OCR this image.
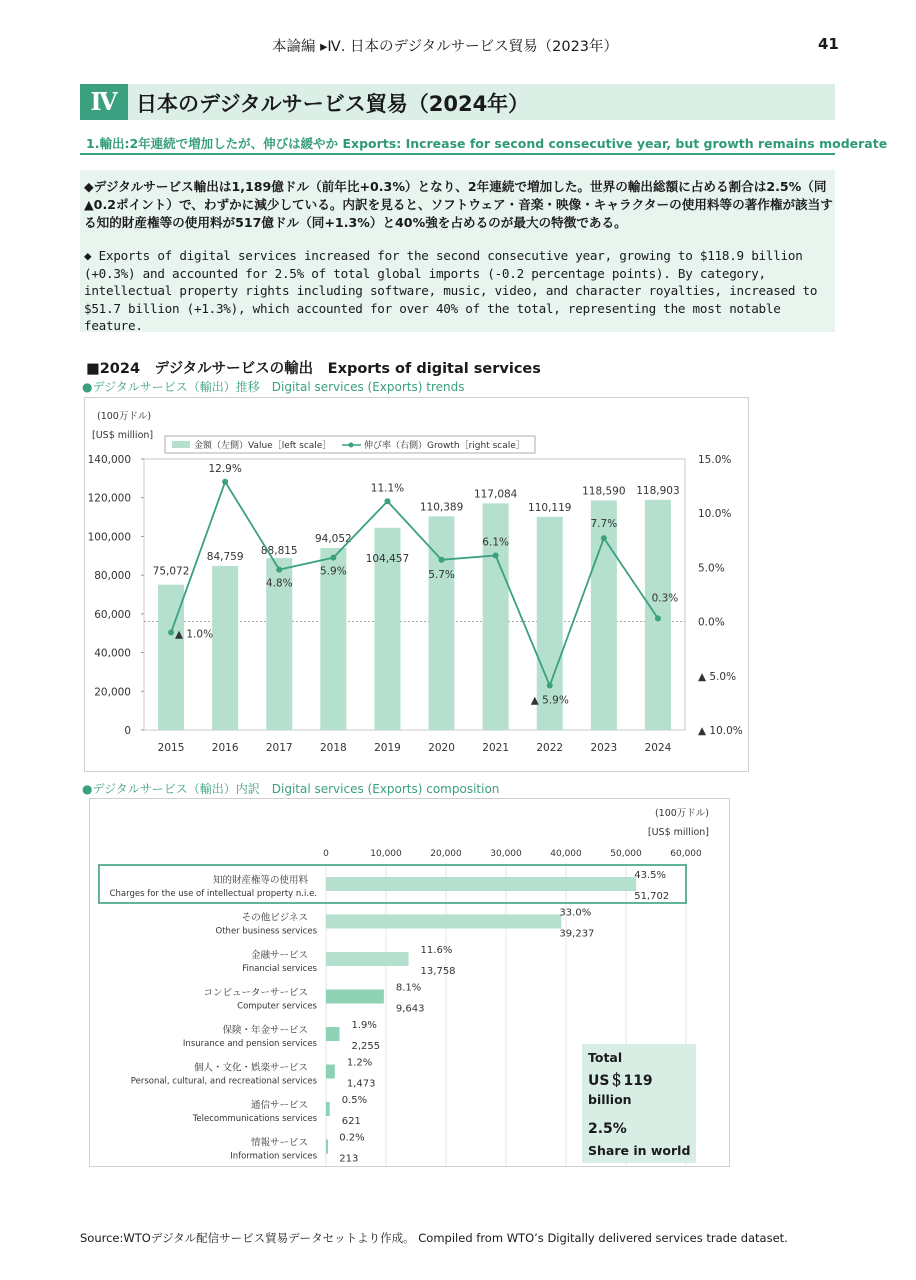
本論編 ▸Ⅳ. 日本のデジタルサービス貿易（2023年）	41
Ⅳ 日本のデジタルサービス貿易（2024年）
1.輸出:2年連続で増加したが、伸びは緩やか Exports: Increase for second consecutive year, but growth remains moderate
◆デジタルサービス輸出は1,189億ドル（前年比+0.3%）となり、2年連続で増加した。世界の輸出総額に占める割合は2.5%（同▲0.2ポイント）で、わずかに減少している。内訳を見ると、ソフトウェア・音楽・映像・キャラクターの使用料等の著作権が該当する知的財産権等の使用料が517億ドル（同+1.3%）と40%強を占めるのが最大の特徴である。
◆ Exports of digital services increased for the second consecutive year, growing to $118.9 billion (+0.3%) and accounted for 2.5% of total global imports (-0.2 percentage points). By category, intellectual property rights including software, music, video, and character royalties, increased to $51.7 billion (+1.3%), which accounted for over 40% of the total, representing the most notable feature.
■2024　デジタルサービスの輸出　Exports of digital services
●デジタルサービス（輸出）推移　Digital services (Exports) trends
(100万ドル)
[US$ million]
金額（左側）Value［left scale］	伸び率（右側）Growth［right scale］
0
20,000
40,000
60,000
80,000
100,000
120,000
140,000
▲ 10.0%
▲ 5.0%
0.0%
5.0%
10.0%
15.0%
75,072
2015
84,759
2016
88,815
2017
94,052
2018
104,457
2019
110,389
2020
117,084
2021
110,119
2022
118,590
2023
118,903
2024
▲ 1.0%
12.9%
4.8%
5.9%
11.1%
5.7%
6.1%
▲ 5.9%
7.7%
0.3%
●デジタルサービス（輸出）内訳　Digital services (Exports) composition
(100万ドル)
[US$ million]
0	10,000	20,000	30,000	40,000	50,000	60,000
知的財産権等の使用料
Charges for the use of intellectual property n.i.e.
43.5%
51,702
その他ビジネス
Other business services
33.0%
39,237
金融サービス
Financial services
11.6%
13,758
コンピューターサービス
Computer services
8.1%
9,643
保険・年金サービス
Insurance and pension services
1.9%
2,255
個人・文化・娯楽サービス
Personal, cultural, and recreational services
1.2%
1,473
通信サービス
Telecommunications services
0.5%
621
情報サービス
Information services
0.2%
213
Total
US＄119
billion
2.5%
Share in world
Source:WTOデジタル配信サービス貿易データセットより作成。 Compiled from WTO’s Digitally delivered services trade dataset.
